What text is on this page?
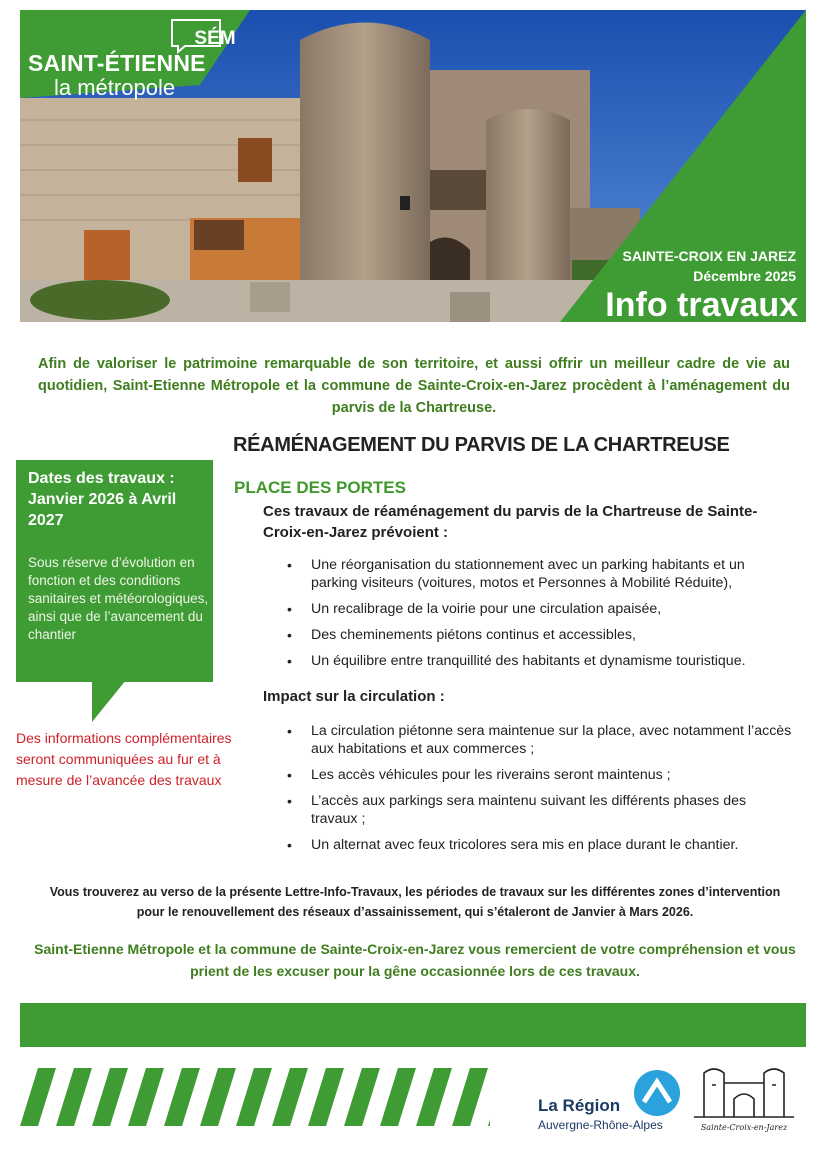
SÉM
SAINT-ÉTIENNE
la métropole
SAINTE-CROIX EN JAREZ
Décembre 2025
Info travaux
Afin de valoriser le patrimoine remarquable de son territoire, et aussi offrir un meilleur cadre de vie au quotidien, Saint-Etienne Métropole et la commune de Sainte-Croix-en-Jarez procèdent à l’aménagement du parvis de la Chartreuse.
RÉAMÉNAGEMENT DU PARVIS DE LA CHARTREUSE
PLACE DES PORTES
Dates des travaux : Janvier 2026 à Avril 2027
Sous réserve d’évolution en fonction et des conditions sanitaires et météorologiques, ainsi que de l’avancement du chantier
Des informations complémentaires seront communiquées au fur et à mesure de l’avancée des travaux
Ces travaux de réaménagement du parvis de la Chartreuse de Sainte-Croix-en-Jarez prévoient :
• Une réorganisation du stationnement avec un parking habitants et un parking visiteurs (voitures, motos et Personnes à Mobilité Réduite),
• Un recalibrage de la voirie pour une circulation apaisée,
• Des cheminements piétons continus et accessibles,
• Un équilibre entre tranquillité des habitants et dynamisme touristique.
Impact sur la circulation :
• La circulation piétonne sera maintenue sur la place, avec notamment l’accès aux habitations et aux commerces ;
• Les accès véhicules pour les riverains seront maintenus ;
• L’accès aux parkings sera maintenu suivant les différents phases des travaux ;
• Un alternat avec feux tricolores sera mis en place durant le chantier.
Vous trouverez au verso de la présente Lettre-Info-Travaux, les périodes de travaux sur les différentes zones d’intervention pour le renouvellement des réseaux d’assainissement, qui s’étaleront de Janvier à Mars 2026.
Saint-Etienne Métropole et la commune de Sainte-Croix-en-Jarez vous remercient de votre compréhension et vous prient de les excuser pour la gêne occasionnée lors de ces travaux.
La Région
Auvergne-Rhône-Alpes	Sainte-Croix-en-Jarez
